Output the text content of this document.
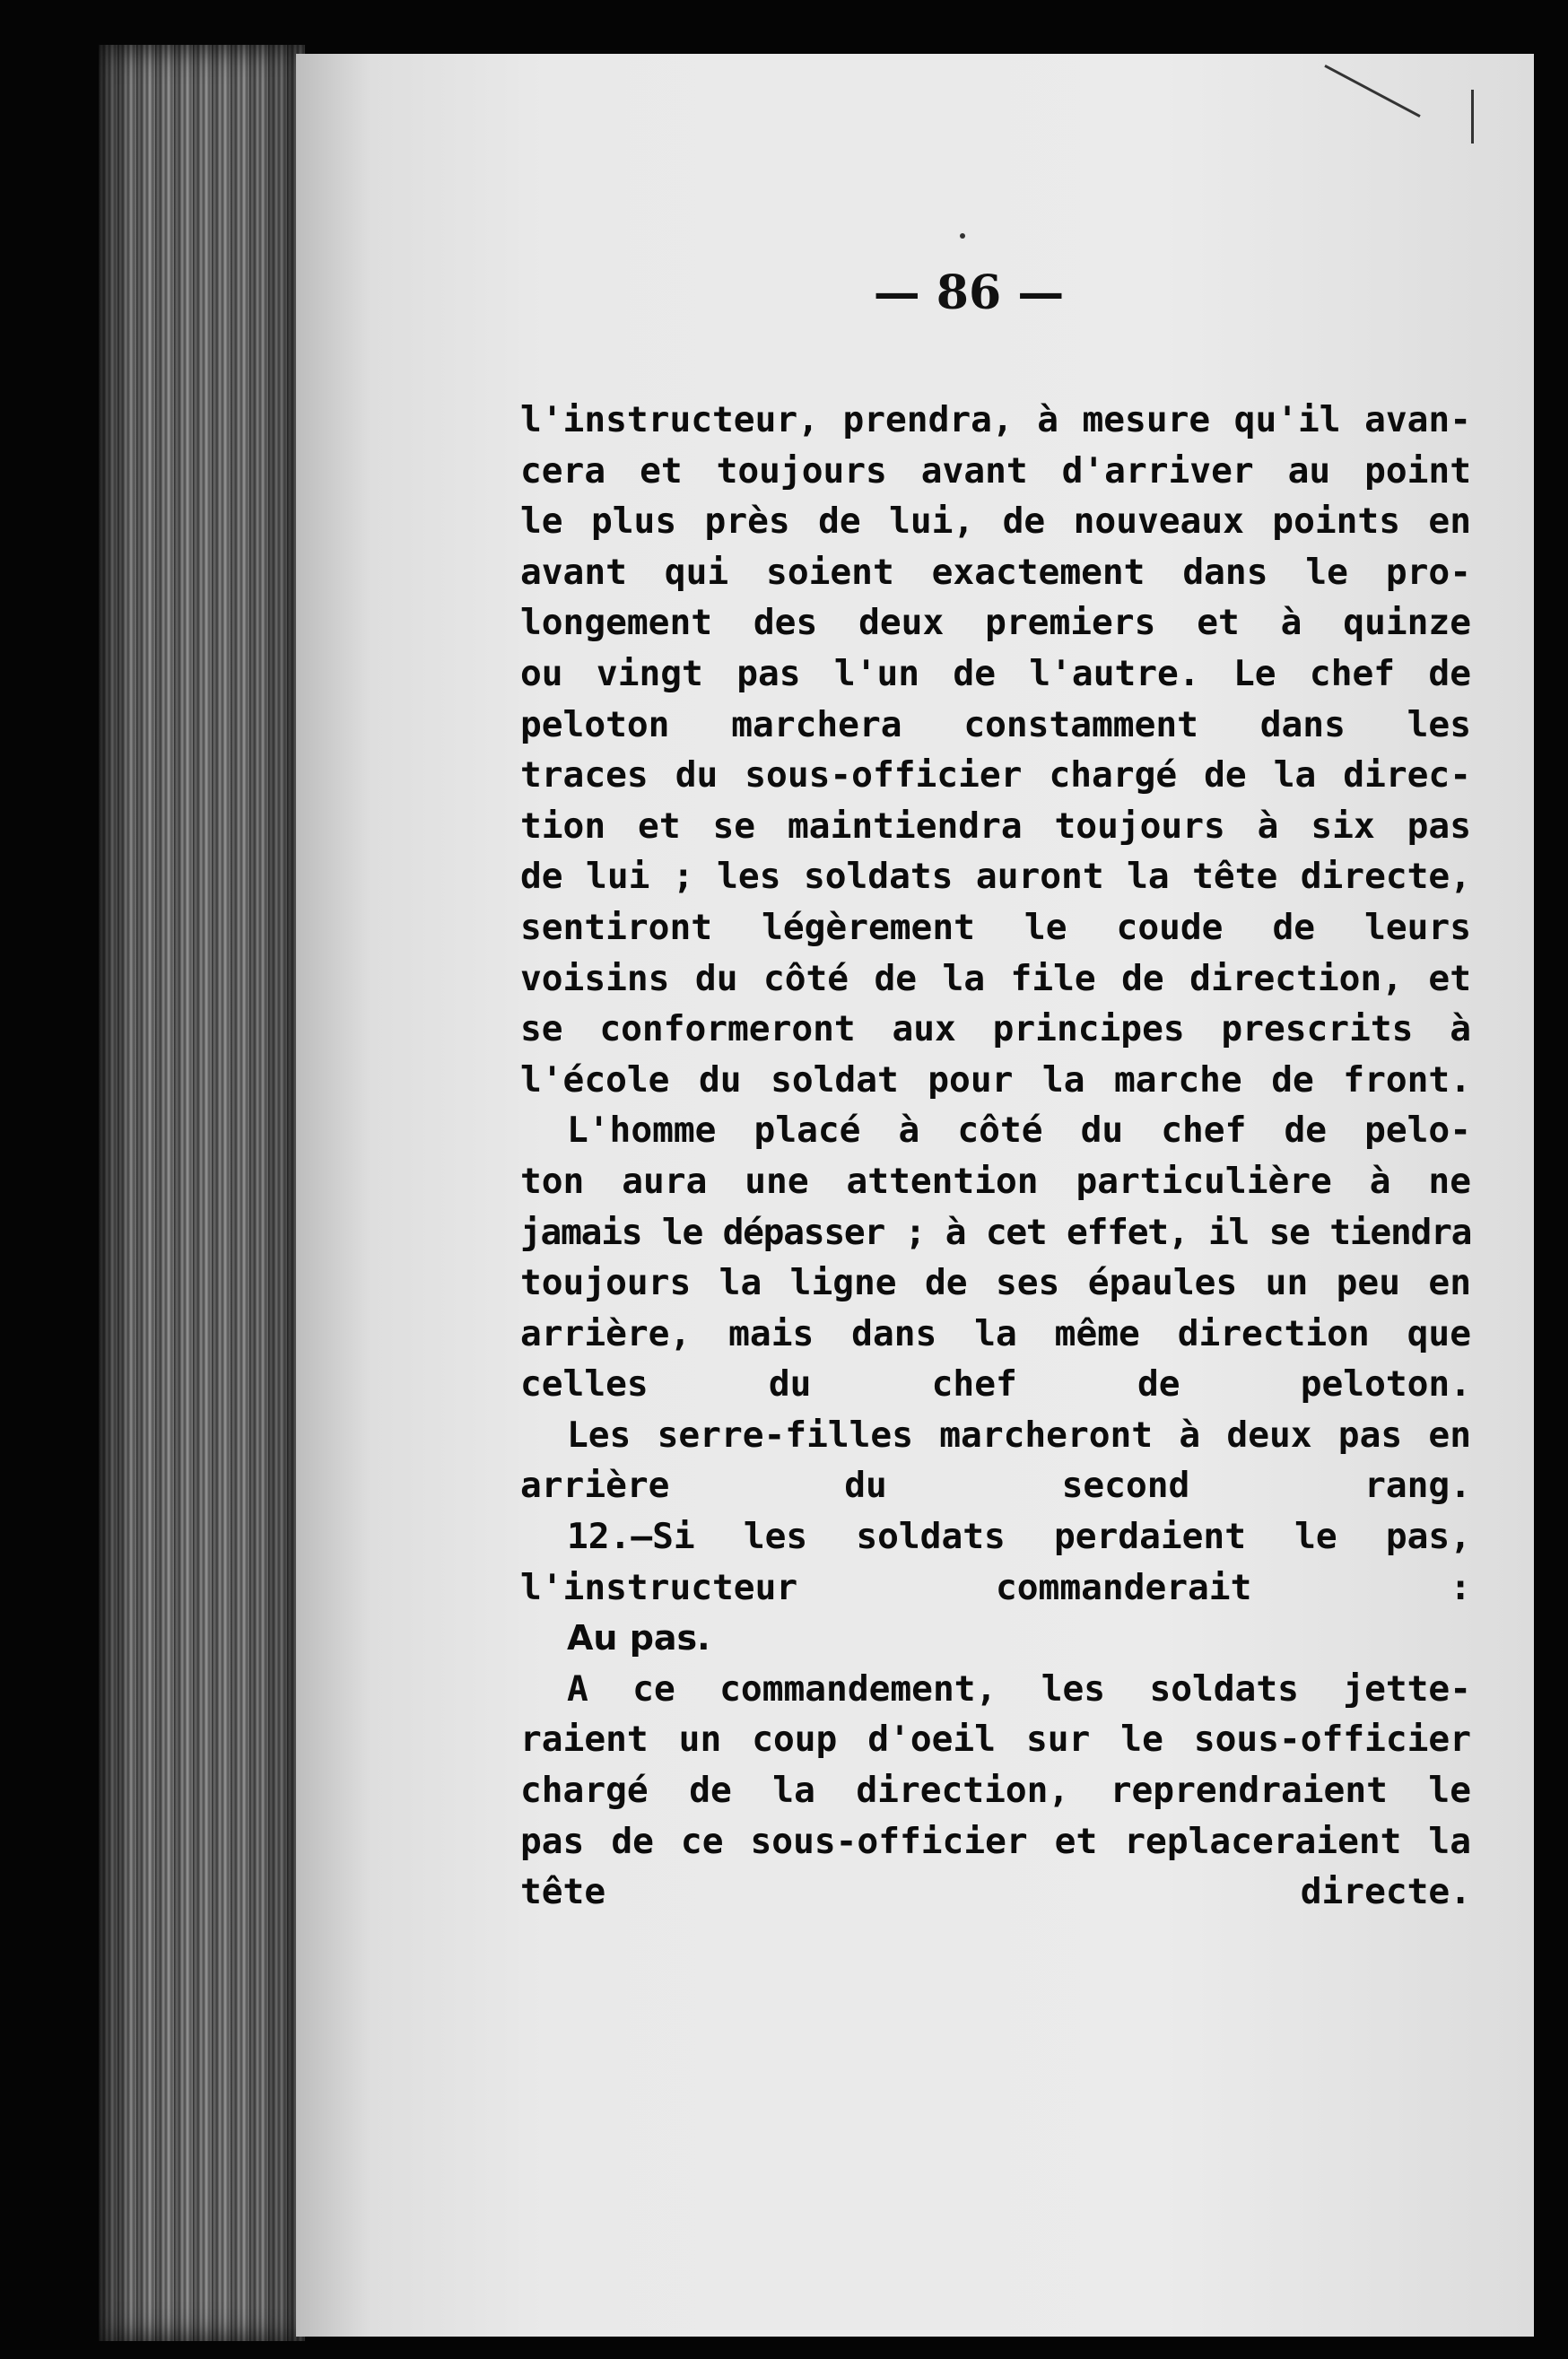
— 86 —
l'instructeur, prendra, à mesure qu'il avan-
cera et toujours avant d'arriver au point
le plus près de lui, de nouveaux points en
avant qui soient exactement dans le pro-
longement des deux premiers et à quinze
ou vingt pas l'un de l'autre. Le chef de
peloton marchera constamment dans les
traces du sous-officier chargé de la direc-
tion et se maintiendra toujours à six pas
de lui ; les soldats auront la tête directe,
sentiront légèrement le coude de leurs
voisins du côté de la file de direction, et
se conformeront aux principes prescrits à
l'école du soldat pour la marche de front.
L'homme placé à côté du chef de pelo-
ton aura une attention particulière à ne
jamais le dépasser ; à cet effet, il se tiendra
toujours la ligne de ses épaules un peu en
arrière, mais dans la même direction que
celles du chef de peloton.
Les serre-filles marcheront à deux pas en
arrière du second rang.
12.—Si les soldats perdaient le pas,
l'instructeur commanderait :
Au pas.
A ce commandement, les soldats jette-
raient un coup d'oeil sur le sous-officier
chargé de la direction, reprendraient le
pas de ce sous-officier et replaceraient la
tête directe.
